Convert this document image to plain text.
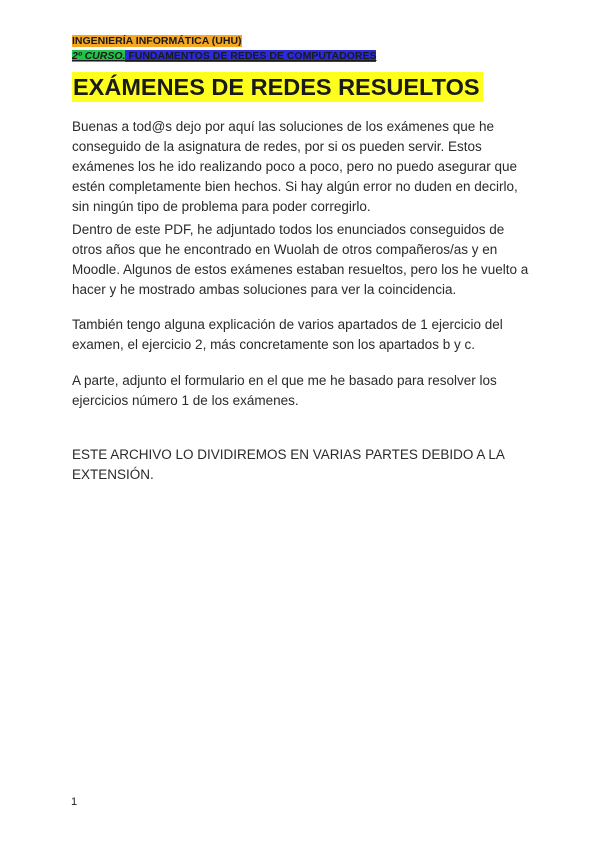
INGENIERÍA INFORMÁTICA (UHU)
2º CURSO. FUNDAMENTOS DE REDES DE COMPUTADORES
EXÁMENES DE REDES RESUELTOS

Buenas a tod@s dejo por aquí las soluciones de los exámenes que he conseguido de la asignatura de redes, por si os pueden servir. Estos exámenes los he ido realizando poco a poco, pero no puedo asegurar que estén completamente bien hechos. Si hay algún error no duden en decirlo, sin ningún tipo de problema para poder corregirlo.

Dentro de este PDF, he adjuntado todos los enunciados conseguidos de otros años que he encontrado en Wuolah de otros compañeros/as y en Moodle. Algunos de estos exámenes estaban resueltos, pero los he vuelto a hacer y he mostrado ambas soluciones para ver la coincidencia.

También tengo alguna explicación de varios apartados de 1 ejercicio del examen, el ejercicio 2, más concretamente son los apartados b y c.

A parte, adjunto el formulario en el que me he basado para resolver los ejercicios número 1 de los exámenes.

ESTE ARCHIVO LO DIVIDIREMOS EN VARIAS PARTES DEBIDO A LA EXTENSIÓN.

1
